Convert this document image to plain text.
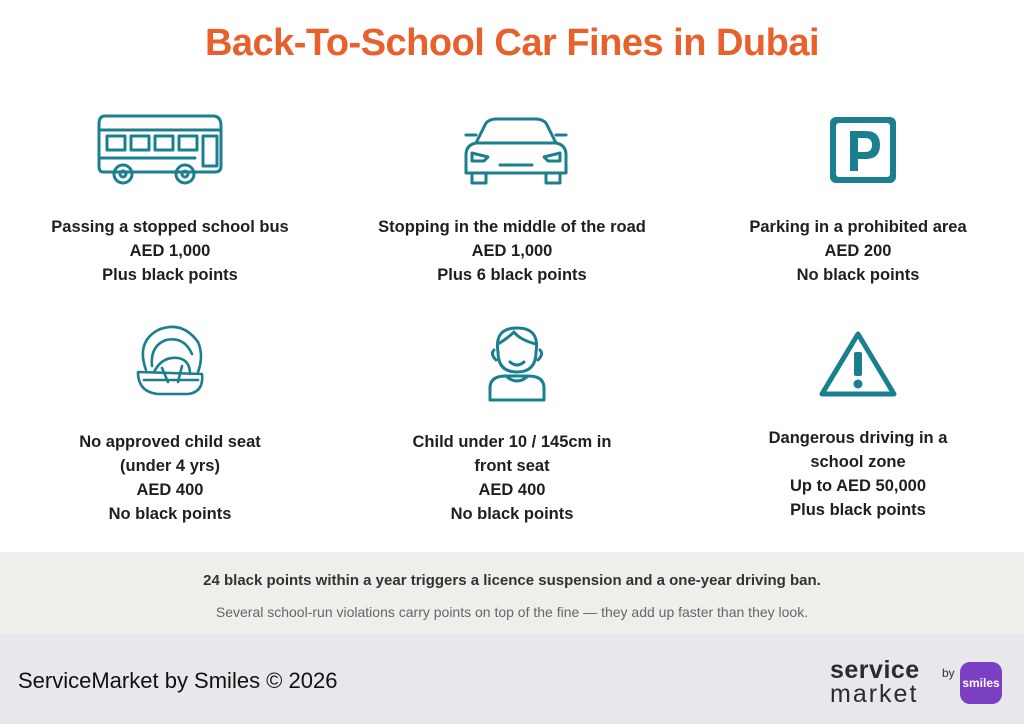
Back-To-School Car Fines in Dubai
Passing a stopped school bus
AED 1,000
Plus black points
Stopping in the middle of the road
AED 1,000
Plus 6 black points
Parking in a prohibited area
AED 200
No black points
No approved child seat
(under 4 yrs)
AED 400
No black points
Child under 10 / 145cm in
front seat
AED 400
No black points
Dangerous driving in a
school zone
Up to AED 50,000
Plus black points
24 black points within a year triggers a licence suspension and a one-year driving ban.
Several school-run violations carry points on top of the fine — they add up faster than they look.
ServiceMarket by Smiles © 2026	service
market
by
smiles
